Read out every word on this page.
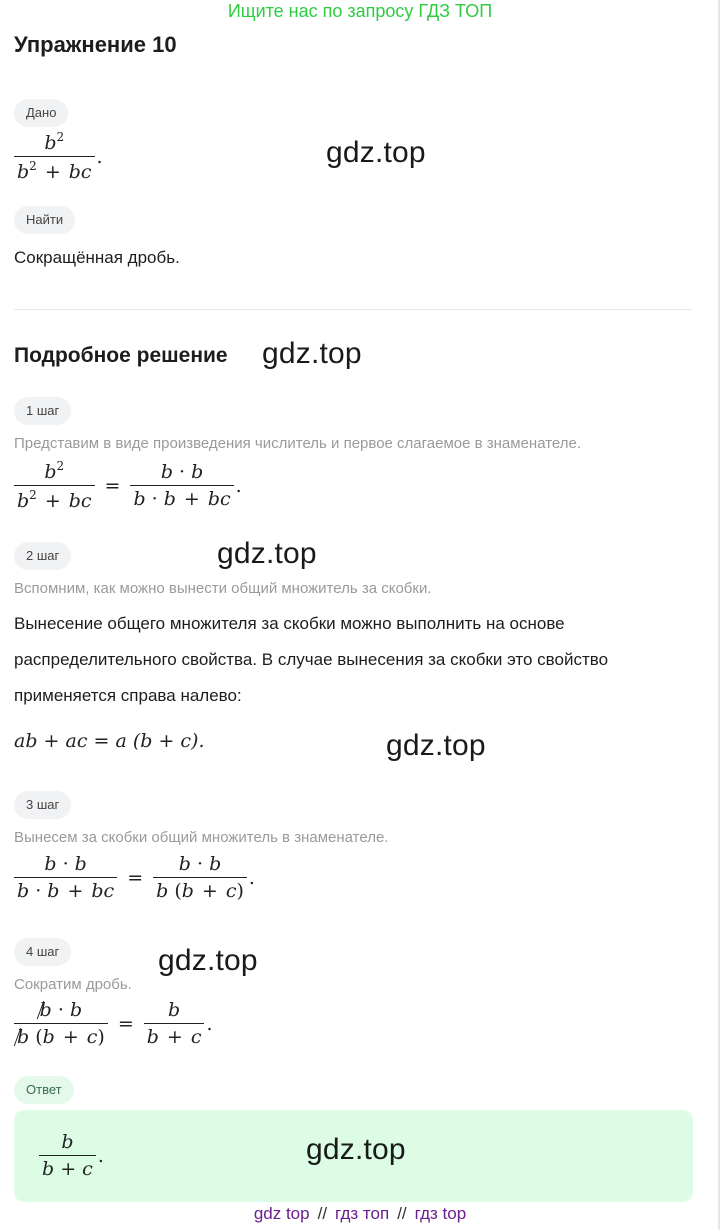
Ищите нас по запросу ГДЗ ТОП
Упражнение 10
Дано
$\frac{b^2}{b^2 + bc}$ .	gdz.top
Найти
Сокращённая дробь.
Подробное решение gdz.top
1 шаг
Представим в виде произведения числитель и первое слагаемое в знаменателе.
$\frac{b^2}{b^2 + bc} = \frac{b \cdot b}{b \cdot b + bc}$ .
2 шаг	gdz.top
Вспомним, как можно вынести общий множитель за скобки.
Вынесение общего множителя за скобки можно выполнить на основе
распределительного свойства. В случае вынесения за скобки это свойство
применяется справа налево:
ab + ac = a (b + c).	gdz.top
3 шаг
Вынесем за скобки общий множитель в знаменателе.
$\frac{b \cdot b}{b \cdot b + bc} = \frac{b \cdot b}{b (b + c)}$ .
4 шаг	gdz.top
Сократим дробь.
$\frac{b \cdot b}{b (b + c)} = \frac{b}{b + c}$ .
Ответ
$\frac{b}{b + c}$ .	gdz.top
gdz top // гдз топ // гдз top
